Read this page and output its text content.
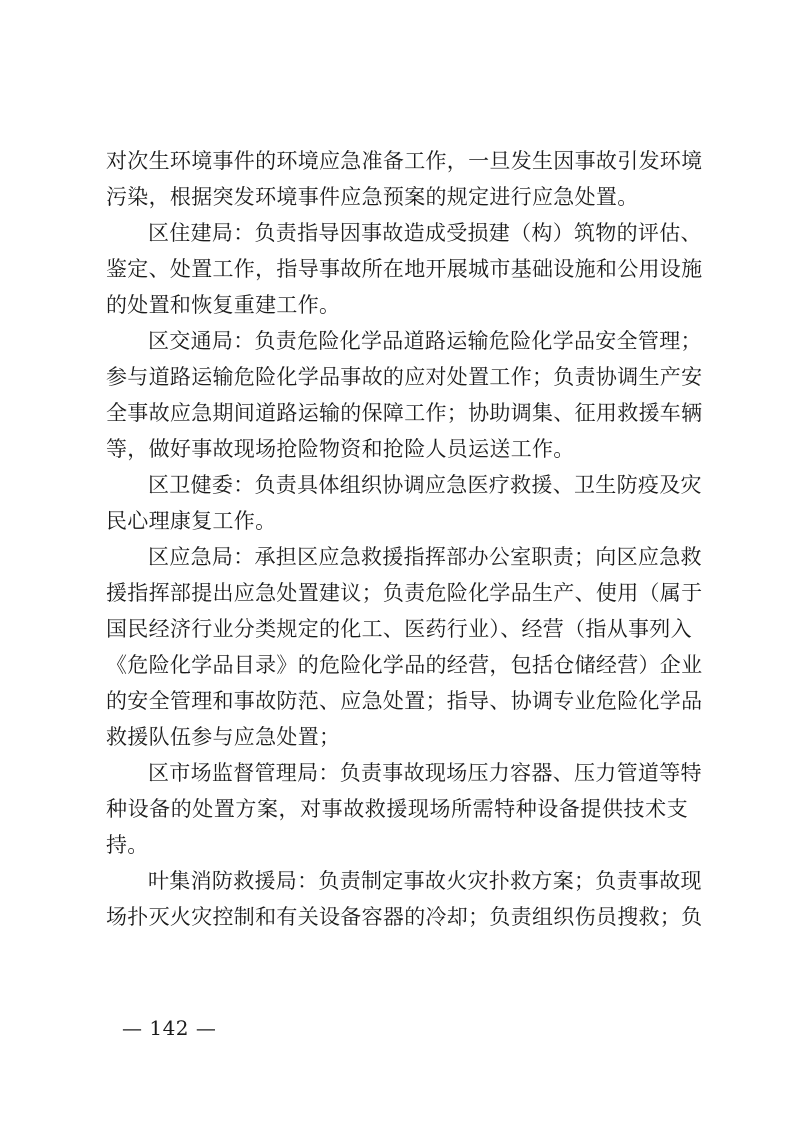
对次生环境事件的环境应急准备工作，一旦发生因事故引发环境
污染，根据突发环境事件应急预案的规定进行应急处置。
区住建局：负责指导因事故造成受损建（构）筑物的评估、
鉴定、处置工作，指导事故所在地开展城市基础设施和公用设施
的处置和恢复重建工作。
区交通局：负责危险化学品道路运输危险化学品安全管理；
参与道路运输危险化学品事故的应对处置工作；负责协调生产安
全事故应急期间道路运输的保障工作；协助调集、征用救援车辆
等，做好事故现场抢险物资和抢险人员运送工作。
区卫健委：负责具体组织协调应急医疗救援、卫生防疫及灾
民心理康复工作。
区应急局：承担区应急救援指挥部办公室职责；向区应急救
援指挥部提出应急处置建议；负责危险化学品生产、使用（属于
国民经济行业分类规定的化工、医药行业）、经营（指从事列入
《危险化学品目录》的危险化学品的经营，包括仓储经营）企业
的安全管理和事故防范、应急处置；指导、协调专业危险化学品
救援队伍参与应急处置；
区市场监督管理局：负责事故现场压力容器、压力管道等特
种设备的处置方案，对事故救援现场所需特种设备提供技术支
持。
叶集消防救援局：负责制定事故火灾扑救方案；负责事故现
场扑灭火灾控制和有关设备容器的冷却；负责组织伤员搜救；负
— 142 —
